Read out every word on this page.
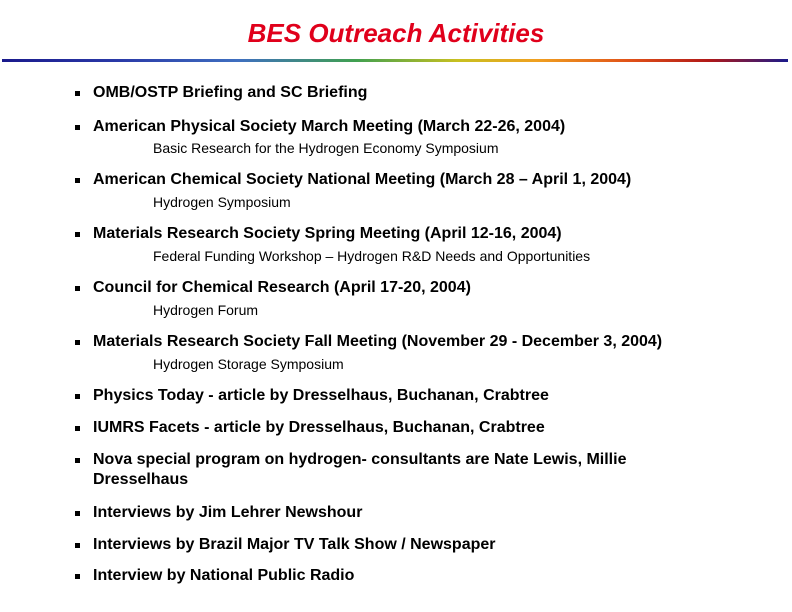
BES Outreach Activities
OMB/OSTP Briefing and SC Briefing
American Physical Society March Meeting (March 22-26, 2004)
Basic Research for the Hydrogen Economy Symposium
American Chemical Society National Meeting (March 28 – April 1, 2004)
Hydrogen Symposium
Materials Research Society Spring Meeting (April 12-16, 2004)
Federal Funding Workshop – Hydrogen R&D Needs and Opportunities
Council for Chemical Research (April 17-20, 2004)
Hydrogen Forum
Materials Research Society Fall Meeting (November 29 - December 3, 2004)
Hydrogen Storage Symposium
Physics Today - article by Dresselhaus, Buchanan, Crabtree
IUMRS Facets - article by Dresselhaus, Buchanan, Crabtree
Nova special program on hydrogen- consultants are Nate Lewis, Millie Dresselhaus
Interviews by Jim Lehrer Newshour
Interviews by Brazil Major TV Talk Show / Newspaper
Interview by National Public Radio
